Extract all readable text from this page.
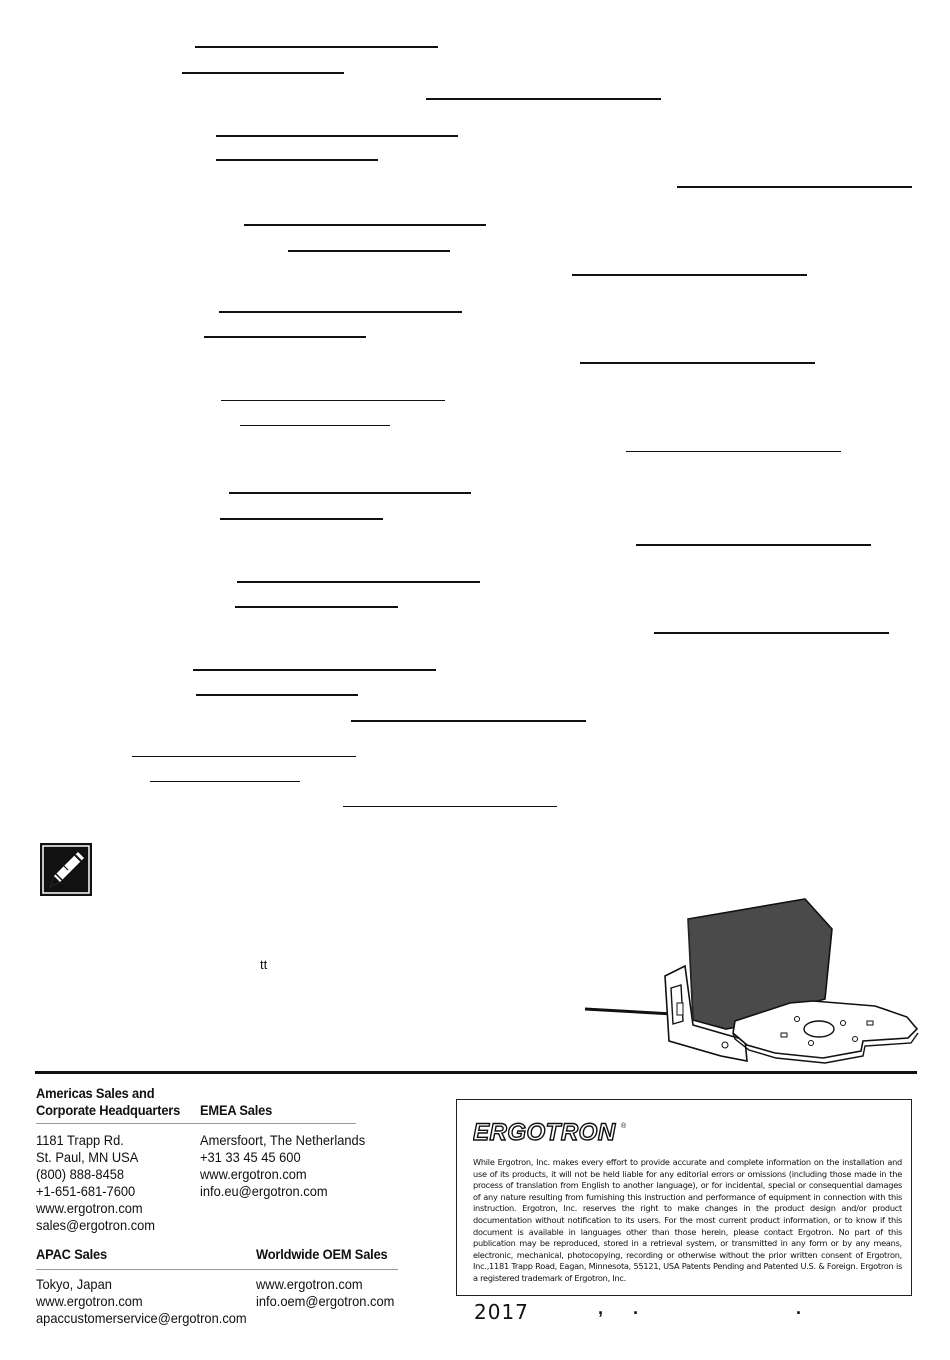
tt
Americas Sales and
Corporate Headquarters
1181 Trapp Rd.
St. Paul, MN USA
(800) 888-8458
+1-651-681-7600
www.ergotron.com
sales@ergotron.com
EMEA Sales
Amersfoort, The Netherlands
+31 33 45 45 600
www.ergotron.com
info.eu@ergotron.com
APAC Sales
Tokyo, Japan
www.ergotron.com
apaccustomerservice@ergotron.com
Worldwide OEM Sales
www.ergotron.com
info.oem@ergotron.com
ERGOTRON ®
While Ergotron, Inc. makes every effort to provide accurate and complete information on the installation and use of its products, it will not be held liable for any editorial errors or omissions (including those made in the process of translation from English to another language), or for incidental, special or consequential damages of any nature resulting from furnishing this instruction and performance of equipment in connection with this instruction. Ergotron, Inc. reserves the right to make changes in the product design and/or product documentation without notification to its users. For the most current product information, or to know if this document is available in languages other than those herein, please contact Ergotron. No part of this publication may be reproduced, stored in a retrieval system, or transmitted in any form or by any means, electronic, mechanical, photocopying, recording or otherwise without the prior written consent of Ergotron, Inc.,1181 Trapp Road, Eagan, Minnesota, 55121, USA Patents Pending and Patented U.S. & Foreign. Ergotron is a registered trademark of Ergotron, Inc.
2017	, .	.
